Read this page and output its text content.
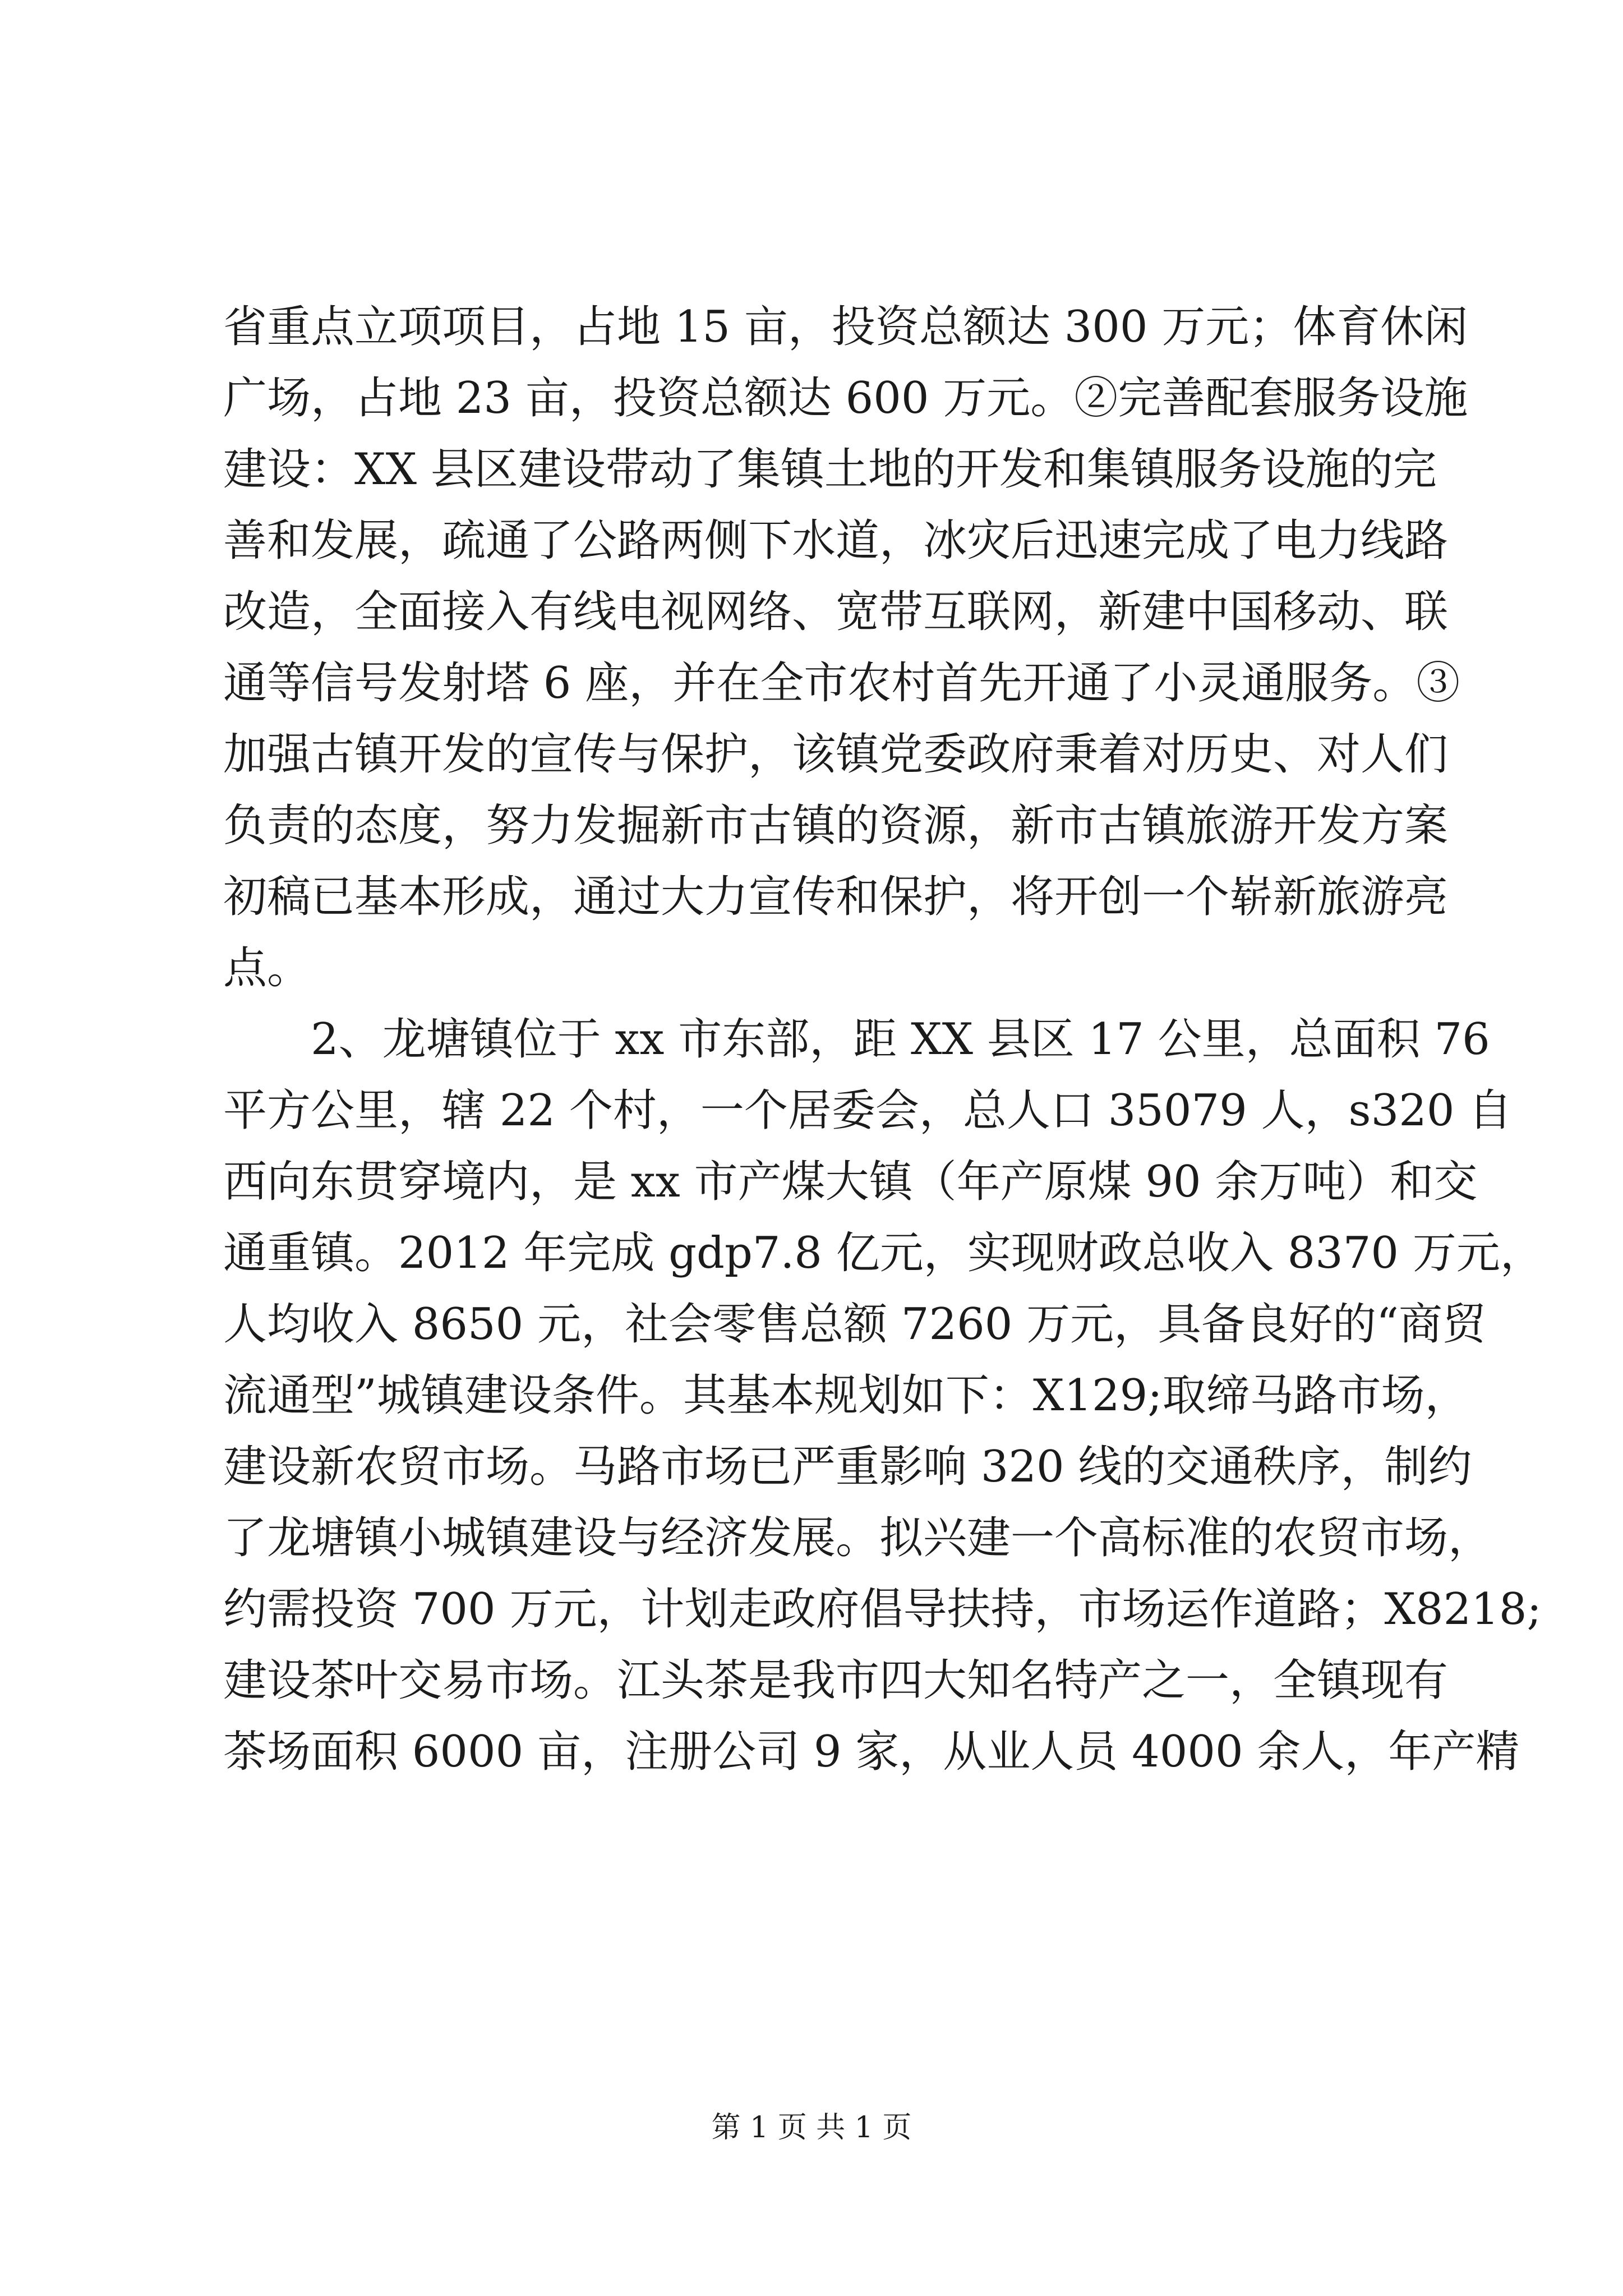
省重点立项项目，占地 15 亩，投资总额达 300 万元；体育休闲
广场，占地 23 亩，投资总额达 600 万元。②完善配套服务设施
建设：XX 县区建设带动了集镇土地的开发和集镇服务设施的完
善和发展，疏通了公路两侧下水道，冰灾后迅速完成了电力线路
改造，全面接入有线电视网络、宽带互联网，新建中国移动、联
通等信号发射塔 6 座，并在全市农村首先开通了小灵通服务。③
加强古镇开发的宣传与保护，该镇党委政府秉着对历史、对人们
负责的态度，努力发掘新市古镇的资源，新市古镇旅游开发方案
初稿已基本形成，通过大力宣传和保护，将开创一个崭新旅游亮
点。
2、龙塘镇位于 xx 市东部，距 XX 县区 17 公里，总面积 76
平方公里，辖 22 个村，一个居委会，总人口 35079 人，s320 自
西向东贯穿境内，是 xx 市产煤大镇（年产原煤 90 余万吨）和交
通重镇。2012 年完成 gdp7.8 亿元，实现财政总收入 8370 万元，
人均收入 8650 元，社会零售总额 7260 万元，具备良好的“商贸
流通型”城镇建设条件。其基本规划如下：X129;取缔马路市场，
建设新农贸市场。马路市场已严重影响 320 线的交通秩序，制约
了龙塘镇小城镇建设与经济发展。拟兴建一个高标准的农贸市场，
约需投资 700 万元，计划走政府倡导扶持，市场运作道路；X8218;
建设茶叶交易市场。江头茶是我市四大知名特产之一，全镇现有
茶场面积 6000 亩，注册公司 9 家，从业人员 4000 余人，年产精
第 1 页 共 1 页
